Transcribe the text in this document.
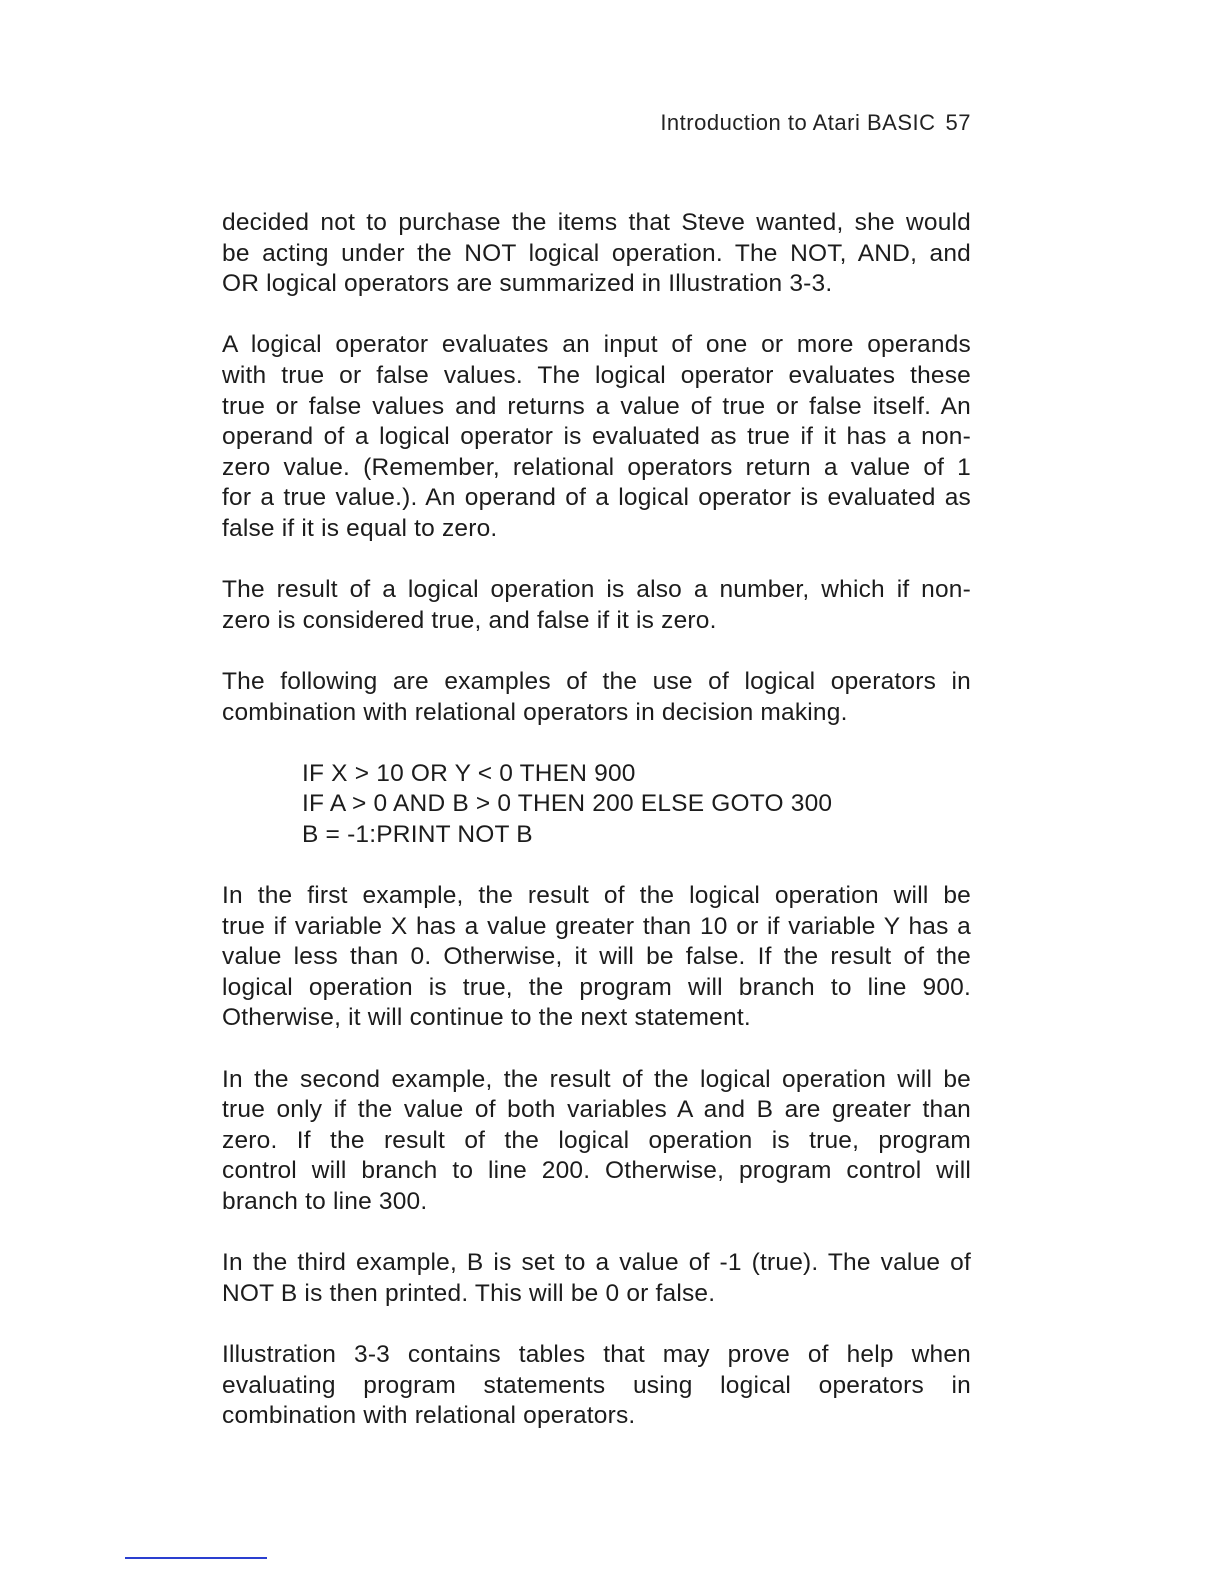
Introduction to Atari BASIC 57

decided not to purchase the items that Steve wanted, she would
be acting under the NOT logical operation. The NOT, AND, and
OR logical operators are summarized in Illustration 3-3.

A logical operator evaluates an input of one or more operands
with true or false values. The logical operator evaluates these
true or false values and returns a value of true or false itself. An
operand of a logical operator is evaluated as true if it has a non-
zero value. (Remember, relational operators return a value of 1
for a true value.). An operand of a logical operator is evaluated as
false if it is equal to zero.

The result of a logical operation is also a number, which if non-
zero is considered true, and false if it is zero.

The following are examples of the use of logical operators in
combination with relational operators in decision making.

IF X > 10 OR Y < 0 THEN 900
IF A > 0 AND B > 0 THEN 200 ELSE GOTO 300
B = -1:PRINT NOT B

In the first example, the result of the logical operation will be
true if variable X has a value greater than 10 or if variable Y has a
value less than 0. Otherwise, it will be false. If the result of the
logical operation is true, the program will branch to line 900.
Otherwise, it will continue to the next statement.

In the second example, the result of the logical operation will be
true only if the value of both variables A and B are greater than
zero. If the result of the logical operation is true, program
control will branch to line 200. Otherwise, program control will
branch to line 300.

In the third example, B is set to a value of -1 (true). The value of
NOT B is then printed. This will be 0 or false.

Illustration 3-3 contains tables that may prove of help when
evaluating program statements using logical operators in
combination with relational operators.
